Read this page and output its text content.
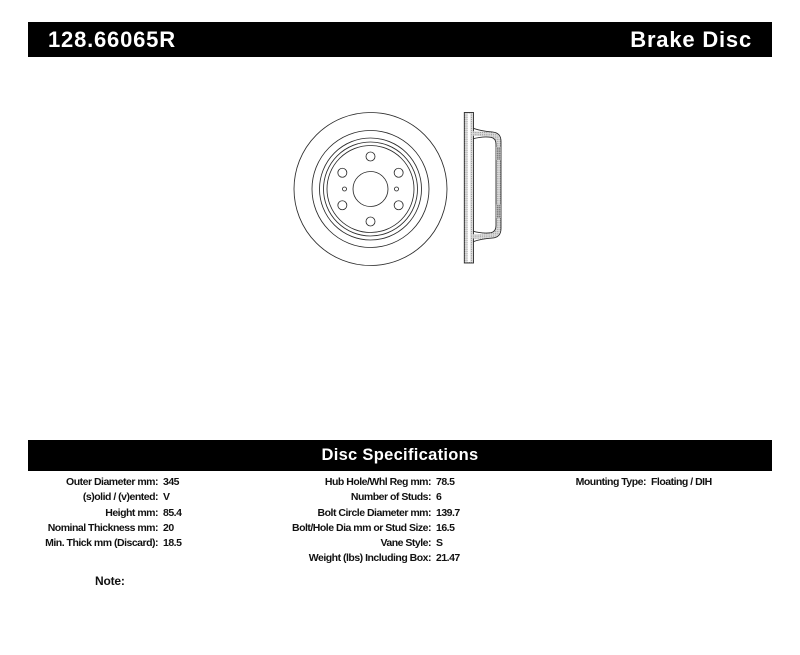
128.66065R	Brake Disc
Disc Specifications
Outer Diameter mm: 345
(s)olid / (v)ented: V
Height mm: 85.4
Nominal Thickness mm: 20
Min. Thick mm (Discard): 18.5
Hub Hole/Whl Reg mm: 78.5
Number of Studs: 6
Bolt Circle Diameter mm: 139.7
Bolt/Hole Dia mm or Stud Size: 16.5
Vane Style: S
Weight (lbs) Including Box: 21.47
Mounting Type: Floating / DIH
Note:
